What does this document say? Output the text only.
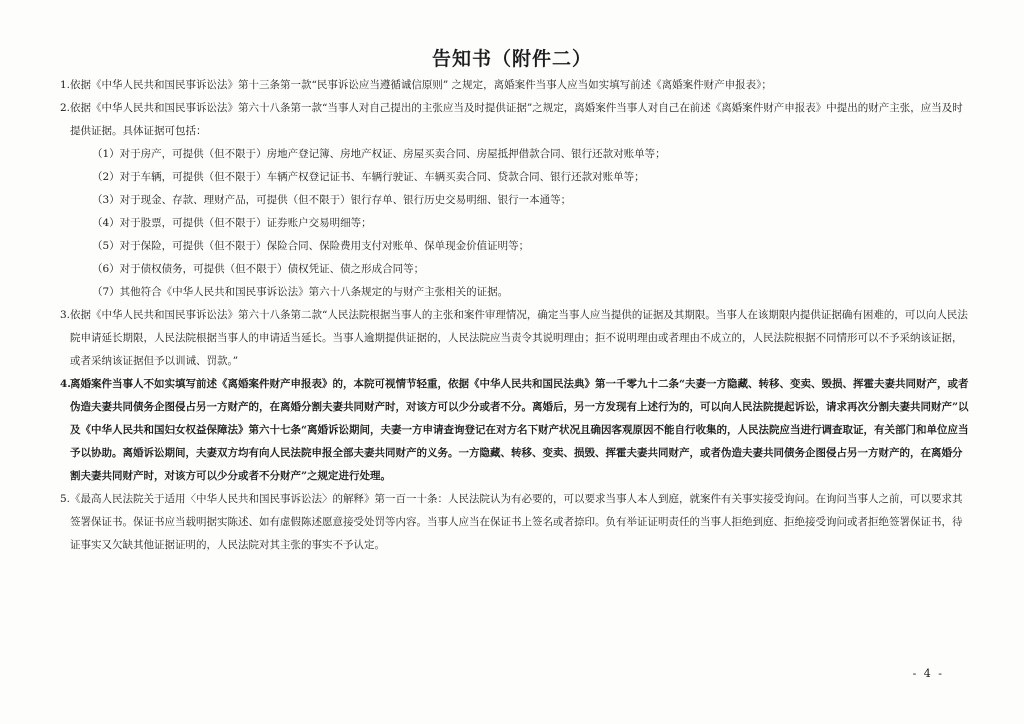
告知书（附件二）
1. 依据《中华人民共和国民事诉讼法》第十三条第一款“民事诉讼应当遵循诚信原则” 之规定，离婚案件当事人应当如实填写前述《离婚案件财产申报表》；
2. 依据《中华人民共和国民事诉讼法》第六十八条第一款“当事人对自己提出的主张应当及时提供证据”之规定，离婚案件当事人对自己在前述《离婚案件财产申报表》中提出的财产主张，应当及时提供证据。具体证据可包括：
（1）对于房产，可提供（但不限于）房地产登记簿、房地产权证、房屋买卖合同、房屋抵押借款合同、银行还款对账单等；
（2）对于车辆，可提供（但不限于）车辆产权登记证书、车辆行驶证、车辆买卖合同、贷款合同、银行还款对账单等；
（3）对于现金、存款、理财产品，可提供（但不限于）银行存单、银行历史交易明细、银行一本通等；
（4）对于股票，可提供（但不限于）证券账户交易明细等；
（5）对于保险，可提供（但不限于）保险合同、保险费用支付对账单、保单现金价值证明等；
（6）对于债权债务，可提供（但不限于）债权凭证、债之形成合同等；
（7）其他符合《中华人民共和国民事诉讼法》第六十八条规定的与财产主张相关的证据。
3. 依据《中华人民共和国民事诉讼法》第六十八条第二款“人民法院根据当事人的主张和案件审理情况，确定当事人应当提供的证据及其期限。当事人在该期限内提供证据确有困难的，可以向人民法院申请延长期限，人民法院根据当事人的申请适当延长。当事人逾期提供证据的，人民法院应当责令其说明理由；拒不说明理由或者理由不成立的，人民法院根据不同情形可以不予采纳该证据，或者采纳该证据但予以训诫、罚款。”
4. 离婚案件当事人不如实填写前述《离婚案件财产申报表》的，本院可视情节轻重，依据《中华人民共和国民法典》第一千零九十二条“夫妻一方隐藏、转移、变卖、毁损、挥霍夫妻共同财产，或者伪造夫妻共同债务企图侵占另一方财产的，在离婚分割夫妻共同财产时，对该方可以少分或者不分。离婚后，另一方发现有上述行为的，可以向人民法院提起诉讼，请求再次分割夫妻共同财产”以及《中华人民共和国妇女权益保障法》第六十七条“离婚诉讼期间，夫妻一方申请查询登记在对方名下财产状况且确因客观原因不能自行收集的，人民法院应当进行调查取证，有关部门和单位应当予以协助。离婚诉讼期间，夫妻双方均有向人民法院申报全部夫妻共同财产的义务。一方隐藏、转移、变卖、损毁、挥霍夫妻共同财产，或者伪造夫妻共同债务企图侵占另一方财产的，在离婚分割夫妻共同财产时，对该方可以少分或者不分财产”之规定进行处理。
5. 《最高人民法院关于适用〈中华人民共和国民事诉讼法〉的解释》第一百一十条：人民法院认为有必要的，可以要求当事人本人到庭，就案件有关事实接受询问。在询问当事人之前，可以要求其签署保证书。保证书应当载明据实陈述、如有虚假陈述愿意接受处罚等内容。当事人应当在保证书上签名或者捺印。负有举证证明责任的当事人拒绝到庭、拒绝接受询问或者拒绝签署保证书，待证事实又欠缺其他证据证明的，人民法院对其主张的事实不予认定。
- 4 -
